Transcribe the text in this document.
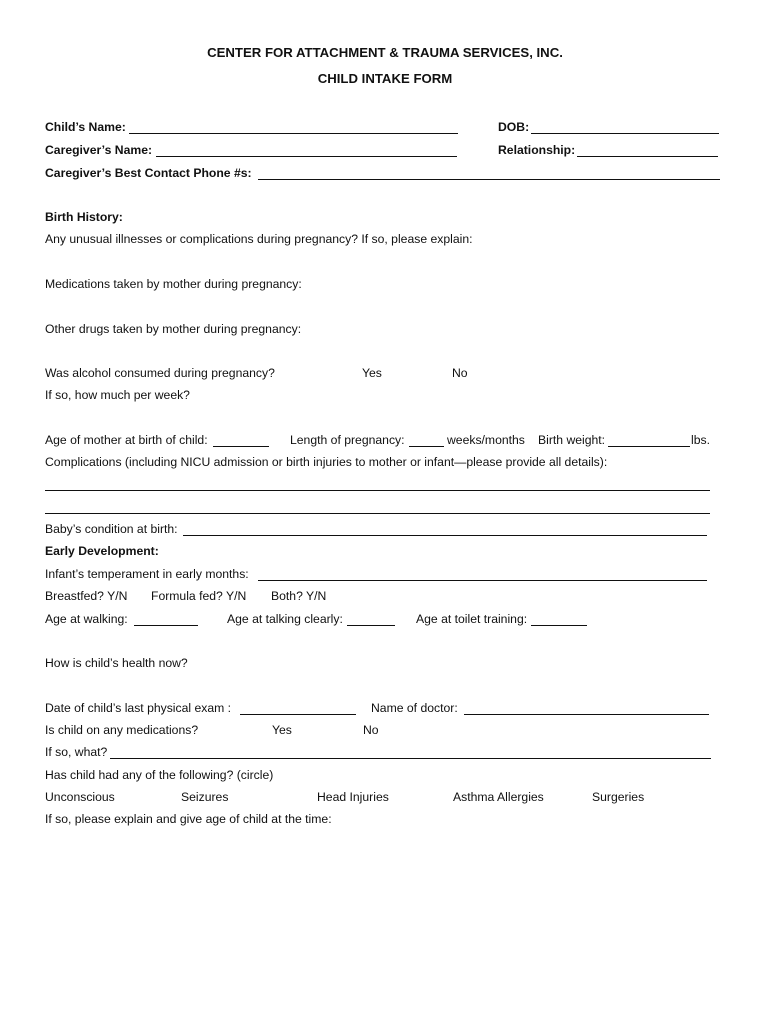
CENTER FOR ATTACHMENT & TRAUMA SERVICES, INC.
CHILD INTAKE FORM
Child’s Name:	DOB:
Caregiver’s Name:	Relationship:
Caregiver’s Best Contact Phone #s:
Birth History:
Any unusual illnesses or complications during pregnancy? If so, please explain:
Medications taken by mother during pregnancy:
Other drugs taken by mother during pregnancy:
Was alcohol consumed during pregnancy?	Yes	No
If so, how much per week?
Age of mother at birth of child:	Length of pregnancy:	weeks/months Birth weight:	lbs.
Complications (including NICU admission or birth injuries to mother or infant—please provide all details):
Baby’s condition at birth:
Early Development:
Infant’s temperament in early months:
Breastfed? Y/N Formula fed? Y/N Both? Y/N
Age at walking:	Age at talking clearly:	Age at toilet training:
How is child’s health now?
Date of child’s last physical exam :	Name of doctor:
Is child on any medications?	Yes	No
If so, what?
Has child had any of the following? (circle)
Unconscious	Seizures	Head Injuries	Asthma Allergies	Surgeries
If so, please explain and give age of child at the time:
